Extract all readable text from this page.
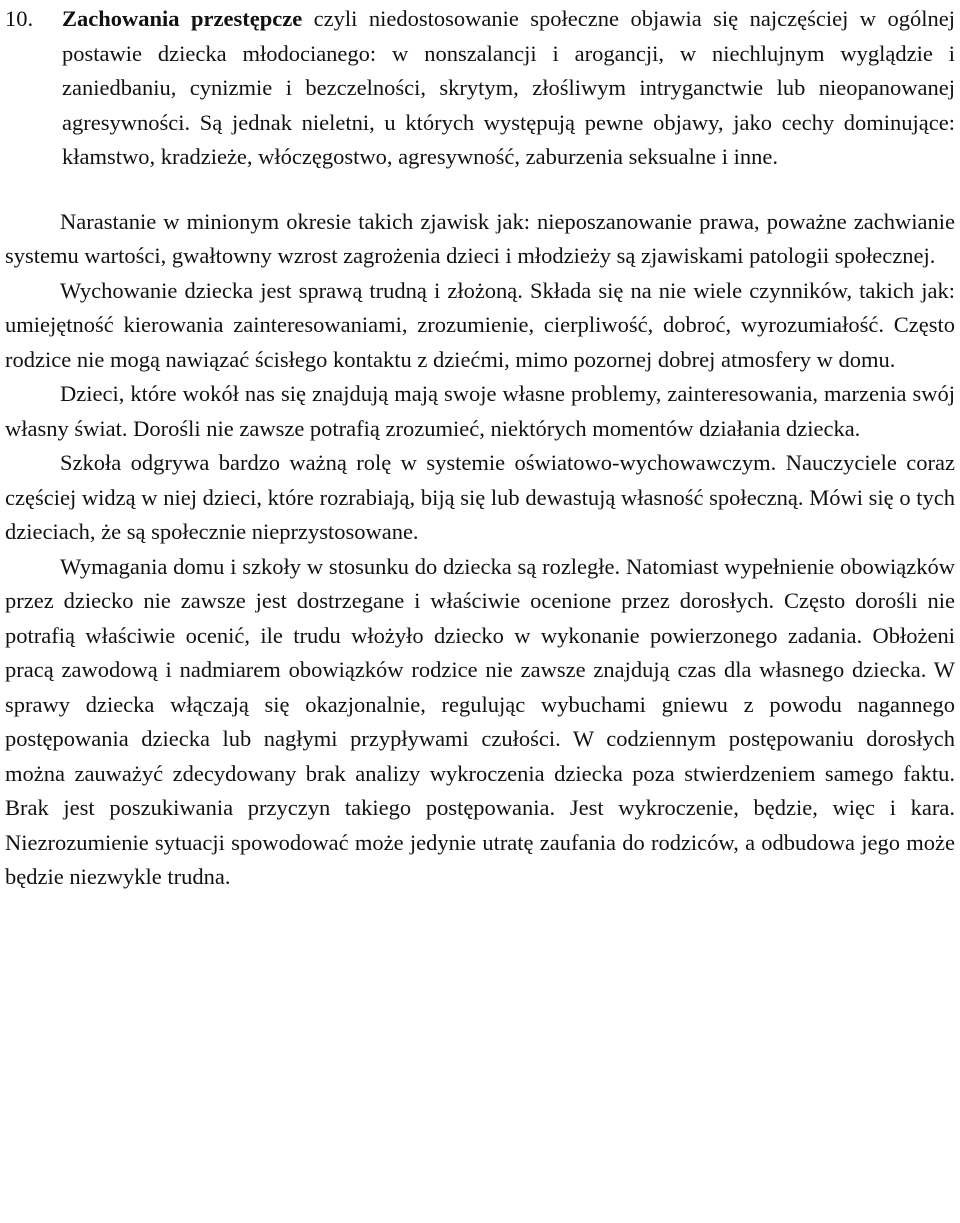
10.	Zachowania przestępcze czyli niedostosowanie społeczne objawia się najczęściej w ogólnej postawie dziecka młodocianego: w nonszalancji i arogancji, w niechlujnym wyglądzie i zaniedbaniu, cynizmie i bezczelności, skrytym, złośliwym intryganctwie lub nieopanowanej agresywności. Są jednak nieletni, u których występują pewne objawy, jako cechy dominujące: kłamstwo, kradzieże, włóczęgostwo, agresywność, zaburzenia seksualne i inne.

Narastanie w minionym okresie takich zjawisk jak: nieposzanowanie prawa, poważne zachwianie systemu wartości, gwałtowny wzrost zagrożenia dzieci i młodzieży są zjawiskami patologii społecznej.

Wychowanie dziecka jest sprawą trudną i złożoną. Składa się na nie wiele czynników, takich jak: umiejętność kierowania zainteresowaniami, zrozumienie, cierpliwość, dobroć, wyrozumiałość. Często rodzice nie mogą nawiązać ścisłego kontaktu z dziećmi, mimo pozornej dobrej atmosfery w domu.

Dzieci, które wokół nas się znajdują mają swoje własne problemy, zainteresowania, marzenia swój własny świat. Dorośli nie zawsze potrafią zrozumieć, niektórych momentów działania dziecka.

Szkoła odgrywa bardzo ważną rolę w systemie oświatowo-wychowawczym. Nauczyciele coraz częściej widzą w niej dzieci, które rozrabiają, biją się lub dewastują własność społeczną. Mówi się o tych dzieciach, że są społecznie nieprzystosowane.

Wymagania domu i szkoły w stosunku do dziecka są rozległe. Natomiast wypełnienie obowiązków przez dziecko nie zawsze jest dostrzegane i właściwie ocenione przez dorosłych. Często dorośli nie potrafią właściwie ocenić, ile trudu włożyło dziecko w wykonanie powierzonego zadania. Obłożeni pracą zawodową i nadmiarem obowiązków rodzice nie zawsze znajdują czas dla własnego dziecka. W sprawy dziecka włączają się okazjonalnie, regulując wybuchami gniewu z powodu nagannego postępowania dziecka lub nagłymi przypływami czułości. W codziennym postępowaniu dorosłych można zauważyć zdecydowany brak analizy wykroczenia dziecka poza stwierdzeniem samego faktu. Brak jest poszukiwania przyczyn takiego postępowania. Jest wykroczenie, będzie, więc i kara. Niezrozumienie sytuacji spowodować może jedynie utratę zaufania do rodziców, a odbudowa jego może będzie niezwykle trudna.
